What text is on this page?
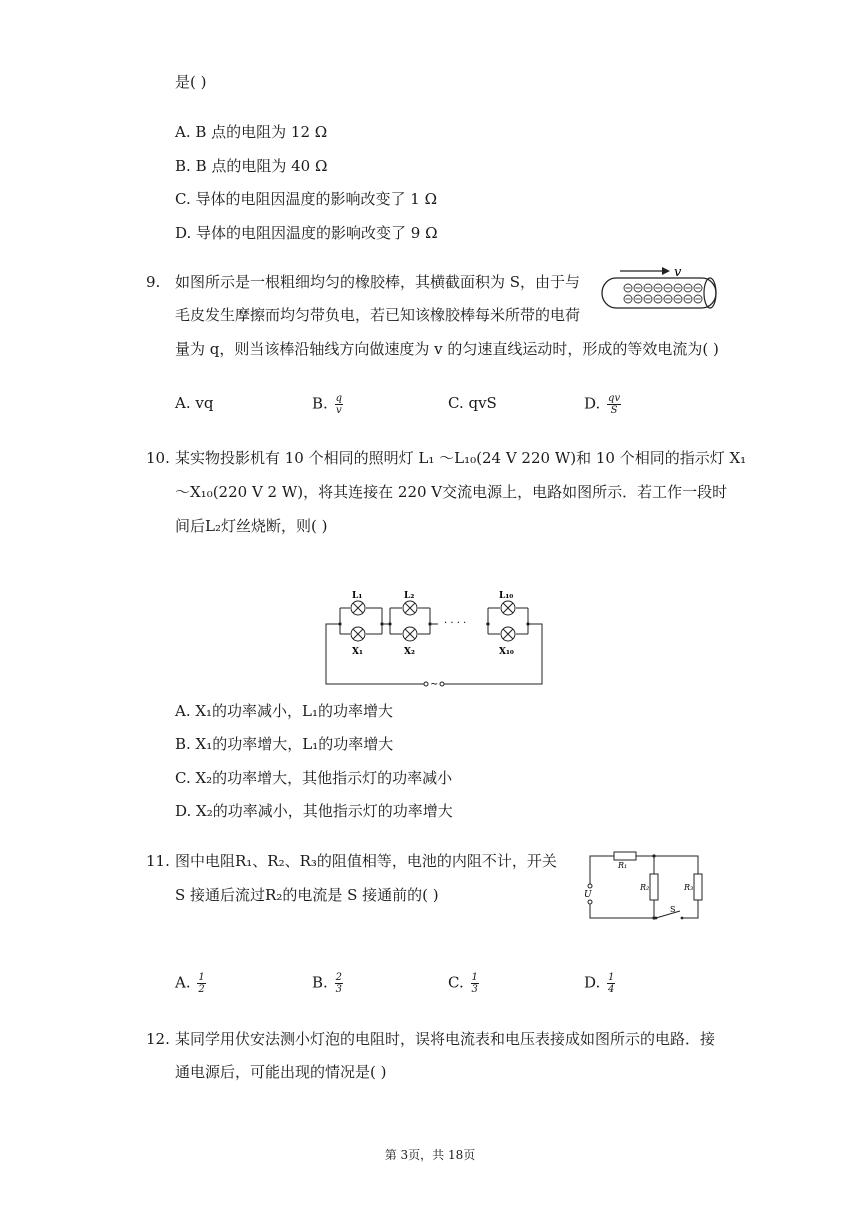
是( )
A. B 点的电阻为 12 Ω
B. B 点的电阻为 40 Ω
C. 导体的电阻因温度的影响改变了 1 Ω
D. 导体的电阻因温度的影响改变了 9 Ω
9. 如图所示是一根粗细均匀的橡胶棒，其横截面积为 S，由于与
毛皮发生摩擦而均匀带负电，若已知该橡胶棒每米所带的电荷
量为 q，则当该棒沿轴线方向做速度为 v 的匀速直线运动时，形成的等效电流为( )
v
A. vq	B. $\frac{q}{v}$	C. qvS	D. $\frac{qv}{S}$
10. 某实物投影机有 10 个相同的照明灯 L₁ ～L₁₀(24 V 220 W)和 10 个相同的指示灯 X₁
～X₁₀(220 V 2 W)，将其连接在 220 V交流电源上，电路如图所示．若工作一段时
间后L₂灯丝烧断，则( )
L₁	L₂	L₁₀
X₁	X₂	X₁₀
· · · ·
∼
A. X₁的功率减小，L₁的功率增大
B. X₁的功率增大，L₁的功率增大
C. X₂的功率增大，其他指示灯的功率减小
D. X₂的功率减小，其他指示灯的功率增大
11. 图中电阻R₁、R₂、R₃的阻值相等，电池的内阻不计，开关
S 接通后流过R₂的电流是 S 接通前的( )
R₁
R₂	R₃
U
S
A. $\frac{1}{2}$	B. $\frac{2}{3}$	C. $\frac{1}{3}$	D. $\frac{1}{4}$
12. 某同学用伏安法测小灯泡的电阻时，误将电流表和电压表接成如图所示的电路．接
通电源后，可能出现的情况是( )
第 3页，共 18页
